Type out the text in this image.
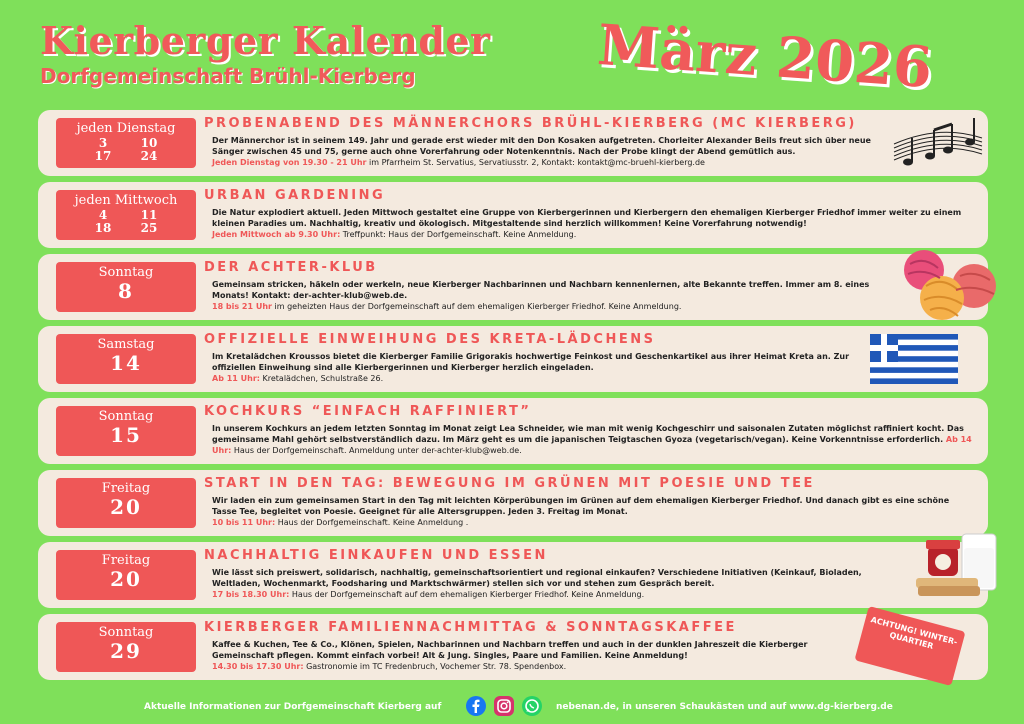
Kierberger Kalender
Dorfgemeinschaft Brühl-Kierberg	März 2026
jeden Dienstag
3	10
17	24
PROBENABEND DES MÄNNERCHORS BRÜHL-KIERBERG (MC KIERBERG)
Der Männerchor ist in seinem 149. Jahr und gerade erst wieder mit den Don Kosaken aufgetreten. Chorleiter Alexander Beils freut sich über neue Sänger zwischen 45 und 75, gerne auch ohne Vorerfahrung oder Notenkenntnis. Nach der Probe klingt der Abend gemütlich aus.
Jeden Dienstag von 19.30 - 21 Uhr im Pfarrheim St. Servatius, Servatiusstr. 2, Kontakt: kontakt@mc-bruehl-kierberg.de
jeden Mittwoch
4	11
18	25
URBAN GARDENING
Die Natur explodiert aktuell. Jeden Mittwoch gestaltet eine Gruppe von Kierbergerinnen und Kierbergern den ehemaligen Kierberger Friedhof immer weiter zu einem kleinen Paradies um. Nachhaltig, kreativ und ökologisch. Mitgestaltende sind herzlich willkommen! Keine Vorerfahrung notwendig!
Jeden Mittwoch ab 9.30 Uhr: Treffpunkt: Haus der Dorfgemeinschaft. Keine Anmeldung.
Sonntag
8
DER ACHTER-KLUB
Gemeinsam stricken, häkeln oder werkeln, neue Kierberger Nachbarinnen und Nachbarn kennenlernen, alte Bekannte treffen. Immer am 8. eines Monats! Kontakt: der-achter-klub@web.de.
18 bis 21 Uhr im geheizten Haus der Dorfgemeinschaft auf dem ehemaligen Kierberger Friedhof. Keine Anmeldung.
Samstag
14
OFFIZIELLE EINWEIHUNG DES KRETA-LÄDCHENS
Im Kretalädchen Kroussos bietet die Kierberger Familie Grigorakis hochwertige Feinkost und Geschenkartikel aus ihrer Heimat Kreta an. Zur offiziellen Einweihung sind alle Kierbergerinnen und Kierberger herzlich eingeladen.
Ab 11 Uhr: Kretalädchen, Schulstraße 26.
Sonntag
15
KOCHKURS “EINFACH RAFFINIERT”
In unserem Kochkurs an jedem letzten Sonntag im Monat zeigt Lea Schneider, wie man mit wenig Kochgeschirr und saisonalen Zutaten möglichst raffiniert kocht. Das gemeinsame Mahl gehört selbstverständlich dazu. Im März geht es um die japanischen Teigtaschen Gyoza (vegetarisch/vegan). Keine Vorkenntnisse erforderlich. Ab 14 Uhr: Haus der Dorfgemeinschaft. Anmeldung unter der-achter-klub@web.de.
Freitag
20
START IN DEN TAG: BEWEGUNG IM GRÜNEN MIT POESIE UND TEE
Wir laden ein zum gemeinsamen Start in den Tag mit leichten Körperübungen im Grünen auf dem ehemaligen Kierberger Friedhof. Und danach gibt es eine schöne Tasse Tee, begleitet von Poesie. Geeignet für alle Altersgruppen. Jeden 3. Freitag im Monat.
10 bis 11 Uhr: Haus der Dorfgemeinschaft. Keine Anmeldung .
Freitag
20
NACHHALTIG EINKAUFEN UND ESSEN
Wie lässt sich preiswert, solidarisch, nachhaltig, gemeinschaftsorientiert und regional einkaufen? Verschiedene Initiativen (Keinkauf, Bioladen, Weltladen, Wochenmarkt, Foodsharing und Marktschwärmer) stellen sich vor und stehen zum Gespräch bereit.
17 bis 18.30 Uhr: Haus der Dorfgemeinschaft auf dem ehemaligen Kierberger Friedhof. Keine Anmeldung.
Sonntag
29
KIERBERGER FAMILIENNACHMITTAG & SONNTAGSKAFFEE
Kaffee & Kuchen, Tee & Co., Klönen, Spielen, Nachbarinnen und Nachbarn treffen und auch in der dunklen Jahreszeit die Kierberger Gemeinschaft pflegen. Kommt einfach vorbei! Alt & Jung. Singles, Paare und Familien. Keine Anmeldung!
14.30 bis 17.30 Uhr: Gastronomie im TC Fredenbruch, Vochemer Str. 78. Spendenbox.
ACHTUNG! WINTER- QUARTIER
Aktuelle Informationen zur Dorfgemeinschaft Kierberg auf	nebenan.de, in unseren Schaukästen und auf www.dg-kierberg.de
